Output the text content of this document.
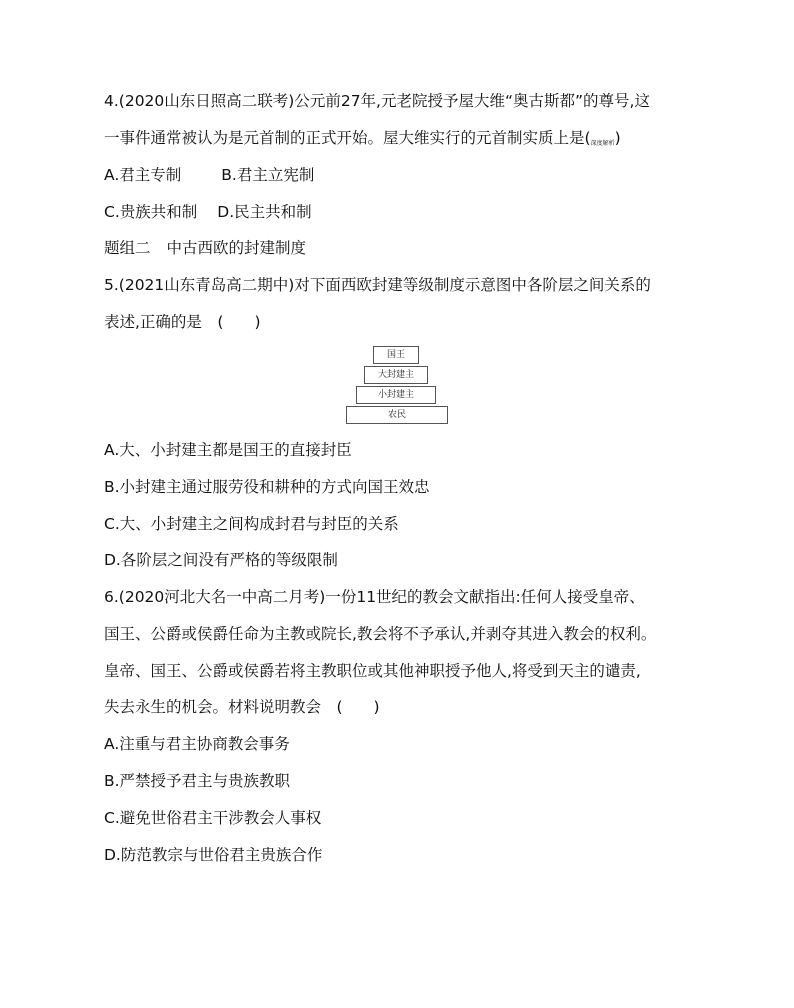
4.(2020山东日照高二联考)公元前27年,元老院授予屋大维“奥古斯都”的尊号,这
一事件通常被认为是元首制的正式开始。屋大维实行的元首制实质上是(深度解析)
A.君主专制	B.君主立宪制
C.贵族共和制 D.民主共和制
题组二 中古西欧的封建制度
5.(2021山东青岛高二期中)对下面西欧封建等级制度示意图中各阶层之间关系的
表述,正确的是　(　　)
国王
大封建主
小封建主
农民
A.大、小封建主都是国王的直接封臣
B.小封建主通过服劳役和耕种的方式向国王效忠
C.大、小封建主之间构成封君与封臣的关系
D.各阶层之间没有严格的等级限制
6.(2020河北大名一中高二月考)一份11世纪的教会文献指出:任何人接受皇帝、
国王、公爵或侯爵任命为主教或院长,教会将不予承认,并剥夺其进入教会的权利。
皇帝、国王、公爵或侯爵若将主教职位或其他神职授予他人,将受到天主的谴责,
失去永生的机会。材料说明教会　(　　)
A.注重与君主协商教会事务
B.严禁授予君主与贵族教职
C.避免世俗君主干涉教会人事权
D.防范教宗与世俗君主贵族合作
